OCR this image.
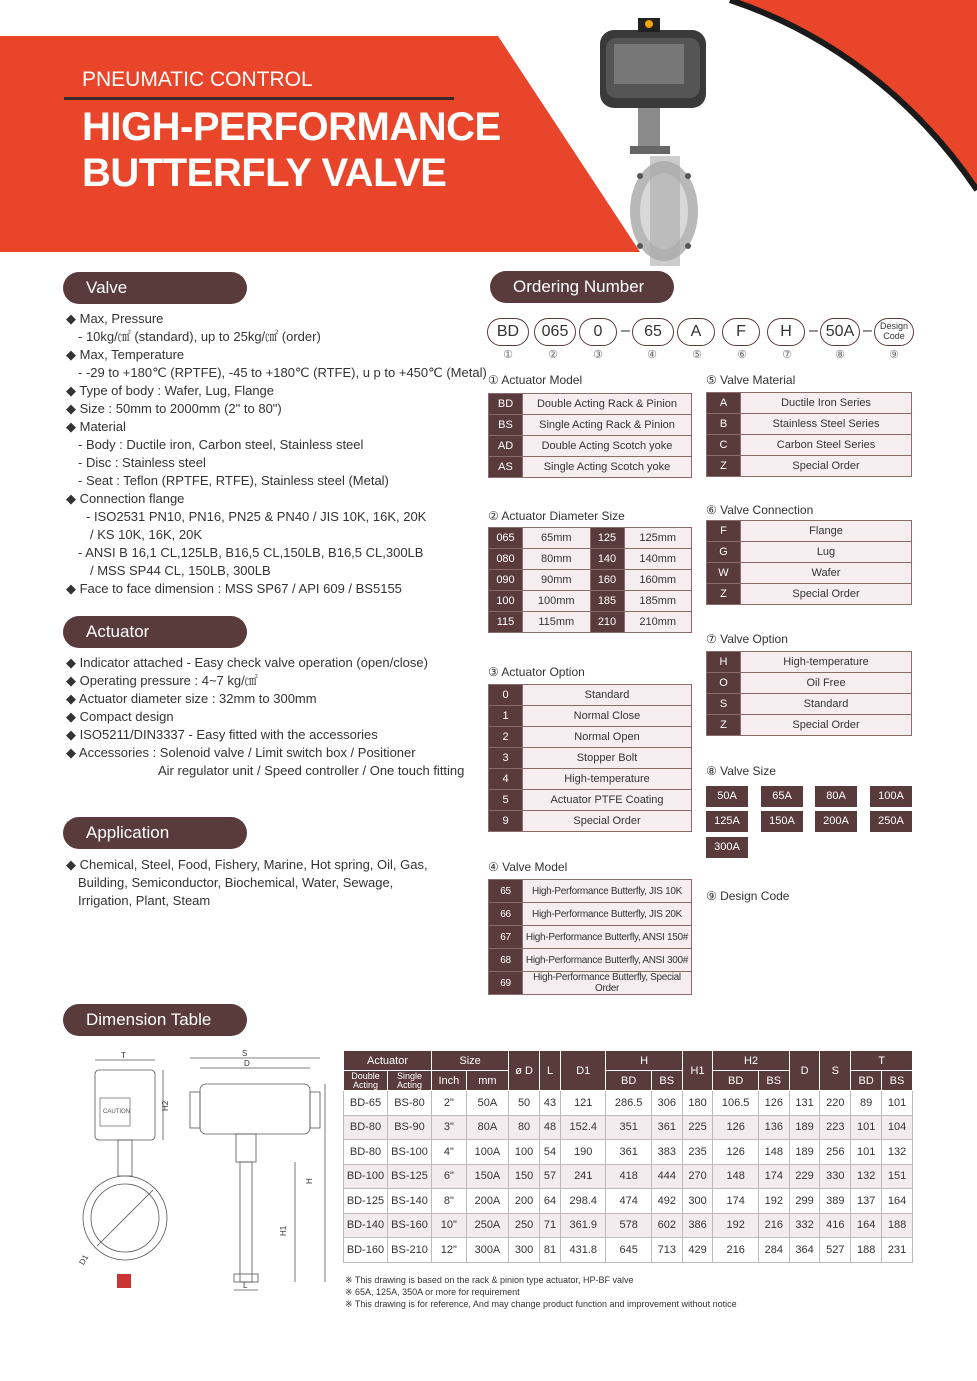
PNEUMATIC CONTROL
HIGH-PERFORMANCE
BUTTERFLY VALVE
Valve
◆ Max, Pressure
- 10kg/㎠ (standard), up to 25kg/㎠ (order)
◆ Max, Temperature
- -29 to +180℃ (RPTFE), -45 to +180℃ (RTFE), u p to +450℃ (Metal)
◆ Type of body : Wafer, Lug, Flange
◆ Size : 50mm to 2000mm (2" to 80")
◆ Material
- Body : Ductile iron, Carbon steel, Stainless steel
- Disc : Stainless steel
- Seat : Teflon (RPTFE, RTFE), Stainless steel (Metal)
◆ Connection flange
- ISO2531 PN10, PN16, PN25 & PN40 / JIS 10K, 16K, 20K
/ KS 10K, 16K, 20K
- ANSI B 16,1 CL,125LB, B16,5 CL,150LB, B16,5 CL,300LB
/ MSS SP44 CL, 150LB, 300LB
◆ Face to face dimension : MSS SP67 / API 609 / BS5155
Actuator
◆ Indicator attached - Easy check valve operation (open/close)
◆ Operating pressure : 4~7 kg/㎠
◆ Actuator diameter size : 32mm to 300mm
◆ Compact design
◆ ISO5211/DIN3337 - Easy fitted with the accessories
◆ Accessories : Solenoid valve / Limit switch box / Positioner
Air regulator unit / Speed controller / One touch fitting
Application
◆ Chemical, Steel, Food, Fishery, Marine, Hot spring, Oil, Gas,
Building, Semiconductor, Biochemical, Water, Sewage,
Irrigation, Plant, Steam
Ordering Number
BD	065	0	– 65	A	F	H	– 50A – Design Code
①	②	③	④	⑤	⑥	⑦	⑧	⑨
① Actuator Model
BD	Double Acting Rack & Pinion
BS	Single Acting Rack & Pinion
AD	Double Acting Scotch yoke
AS	Single Acting Scotch yoke
② Actuator Diameter Size
065	65mm	125	125mm
080	80mm	140	140mm
090	90mm	160	160mm
100	100mm	185	185mm
115	115mm	210	210mm
③ Actuator Option
0	Standard
1	Normal Close
2	Normal Open
3	Stopper Bolt
4	High-temperature
5	Actuator PTFE Coating
9	Special Order
④ Valve Model
65	High-Performance Butterfly, JIS 10K
66	High-Performance Butterfly, JIS 20K
67	High-Performance Butterfly, ANSI 150#
68	High-Performance Butterfly, ANSI 300#
69	High-Performance Butterfly, Special Order
⑤ Valve Material
A	Ductile Iron Series
B	Stainless Steel Series
C	Carbon Steel Series
Z	Special Order
⑥ Valve Connection
F	Flange
G	Lug
W	Wafer
Z	Special Order
⑦ Valve Option
H	High-temperature
O	Oil Free
S	Standard
Z	Special Order
⑧ Valve Size
50A	65A	80A	100A
125A	150A	200A	250A
300A
⑨ Design Code
Dimension Table
CAUTION
T
H2
D1
S
D
H
H1
L
Actuator		Size		ø D	L	D1	H		H1	H2		D	S	T	
Double Acting	Single Acting	Inch	mm				BD	BS		BD	BS			BD	BS
BD-65	BS-80	2"	50A	50	43	121	286.5	306	180	106.5	126	131	220	89	101
BD-80	BS-90	3"	80A	80	48	152.4	351	361	225	126	136	189	223	101	104
BD-80	BS-100	4"	100A	100	54	190	361	383	235	126	148	189	256	101	132
BD-100	BS-125	6"	150A	150	57	241	418	444	270	148	174	229	330	132	151
BD-125	BS-140	8"	200A	200	64	298.4	474	492	300	174	192	299	389	137	164
BD-140	BS-160	10"	250A	250	71	361.9	578	602	386	192	216	332	416	164	188
BD-160	BS-210	12"	300A	300	81	431.8	645	713	429	216	284	364	527	188	231
※ This drawing is based on the rack & pinion type actuator, HP-BF valve
※ 65A, 125A, 350A or more for requirement
※ This drawing is for reference, And may change product function and improvement without notice
